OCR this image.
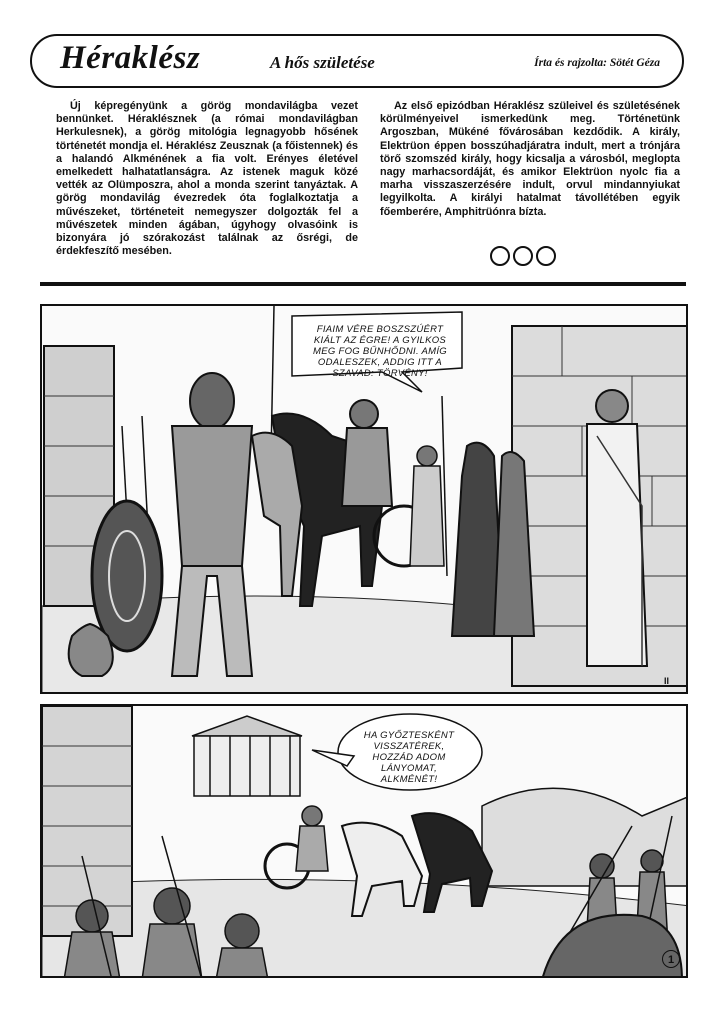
Héraklész	A hős születése	Írta és rajzolta: Sötét Géza

Új képregényünk a görög mondavilágba vezet bennünket. Héraklésznek (a római mondavilágban Herkulesnek), a görög mitológia legnagyobb hősének történetét mondja el. Héraklész Zeusznak (a főistennek) és a halandó Alkménének a fia volt. Erényes életével emelkedett halhatatlanságra. Az istenek maguk közé vették az Olümposzra, ahol a monda szerint tanyáztak. A görög mondavilág évezredek óta foglalkoztatja a művészeket, történeteit nemegyszer dolgozták fel a művészetek minden ágában, úgyhogy olvasóink is bizonyára jó szórakozást találnak az ősrégi, de érdekfeszítő mesében.

Az első epizódban Héraklész szüleivel és születésének körülményeivel ismerkedünk meg. Történetünk Argoszban, Mükéné fővárosában kezdődik. A király, Elektrüon éppen bosszúhadjáratra indult, mert a trónjára törő szomszéd király, hogy kicsalja a városból, meglopta nagy marhacsordáját, és amikor Elektrüon nyolc fia a marha visszaszerzésére indult, orvul mindannyiukat legyilkolta. A királyi hatalmat távollétében egyik főemberére, Amphitrüónra bízta.

FIAIM VÉRE BOSZSZÚÉRT KIÁLT AZ ÉGRE! A GYILKOS MEG FOG BŰNHŐDNI. AMÍG ODALESZEK, ADDIG ITT A SZAVAD: TÖRVÉNY!
II
HA GYŐZTESKÉNT VISSZATÉREK, HOZZÁD ADOM LÁNYOMAT, ALKMÉNÉT!
1
